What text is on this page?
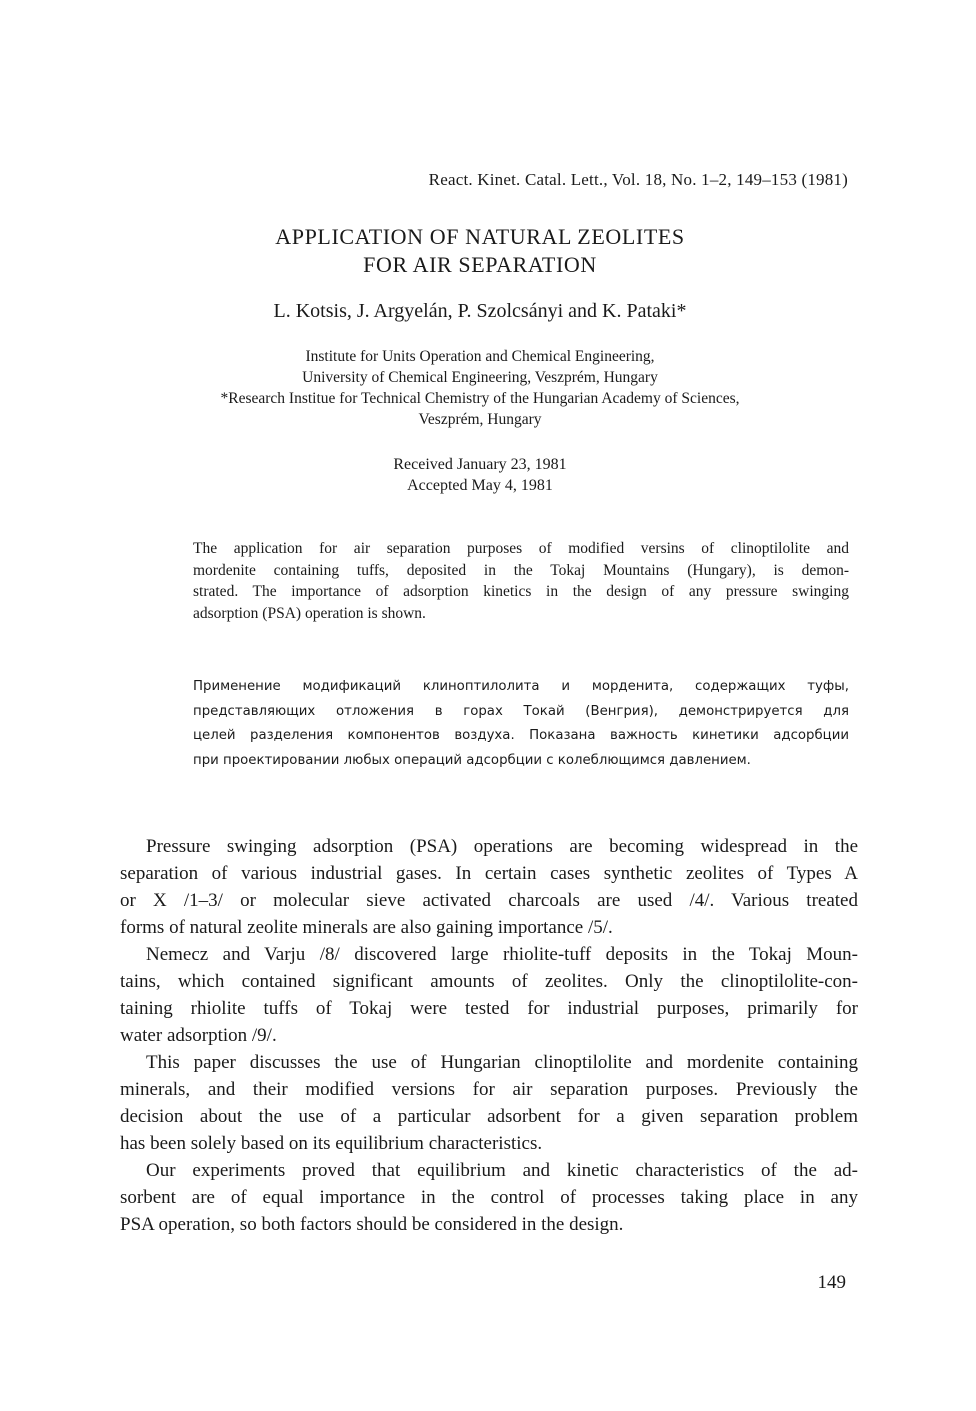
React. Kinet. Catal. Lett., Vol. 18, No. 1–2, 149–153 (1981)
APPLICATION OF NATURAL ZEOLITES
FOR AIR SEPARATION
L. Kotsis, J. Argyelán, P. Szolcsányi and K. Pataki*
Institute for Units Operation and Chemical Engineering,
University of Chemical Engineering, Veszprém, Hungary
*Research Institue for Technical Chemistry of the Hungarian Academy of Sciences,
Veszprém, Hungary
Received January 23, 1981
Accepted May 4, 1981
The application for air separation purposes of modified versins of clinoptilolite and
mordenite containing tuffs, deposited in the Tokaj Mountains (Hungary), is demon-
strated. The importance of adsorption kinetics in the design of any pressure swinging
adsorption (PSA) operation is shown.
Применение модификаций клиноптилолита и морденита, содержащих туфы,
представляющих отложения в горах Токай (Венгрия), демонстрируется для
целей разделения компонентов воздуха. Показана важность кинетики адсорбции
при проектировании любых операций адсорбции с колеблющимся давлением.
Pressure swinging adsorption (PSA) operations are becoming widespread in the
separation of various industrial gases. In certain cases synthetic zeolites of Types A
or X /1–3/ or molecular sieve activated charcoals are used /4/. Various treated
forms of natural zeolite minerals are also gaining importance /5/.
Nemecz and Varju /8/ discovered large rhiolite-tuff deposits in the Tokaj Moun-
tains, which contained significant amounts of zeolites. Only the clinoptilolite-con-
taining rhiolite tuffs of Tokaj were tested for industrial purposes, primarily for
water adsorption /9/.
This paper discusses the use of Hungarian clinoptilolite and mordenite containing
minerals, and their modified versions for air separation purposes. Previously the
decision about the use of a particular adsorbent for a given separation problem
has been solely based on its equilibrium characteristics.
Our experiments proved that equilibrium and kinetic characteristics of the ad-
sorbent are of equal importance in the control of processes taking place in any
PSA operation, so both factors should be considered in the design.
149
